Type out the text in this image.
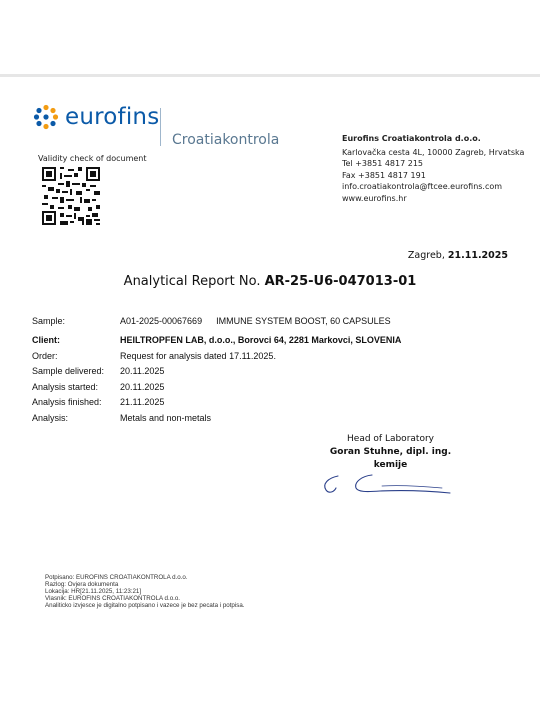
eurofins
Croatiakontrola
Validity check of document
Eurofins Croatiakontrola d.o.o.
Karlovačka cesta 4L, 10000 Zagreb, Hrvatska
Tel +3851 4817 215
Fax +3851 4817 191
info.croatiakontrola@ftcee.eurofins.com
www.eurofins.hr
Zagreb, 21.11.2025
Analytical Report No. AR-25-U6-047013-01
Sample:	A01-2025-00067669 IMMUNE SYSTEM BOOST, 60 CAPSULES
Client:	HEILTROPFEN LAB, d.o.o., Borovci 64, 2281 Markovci, SLOVENIA
Order:	Request for analysis dated 17.11.2025.
Sample delivered:	20.11.2025
Analysis started:	20.11.2025
Analysis finished:	21.11.2025
Analysis:	Metals and non-metals
Head of Laboratory
Goran Stuhne, dipl. ing. kemije
Potpisano: EUROFINS CROATIAKONTROLA d.o.o.
Razlog: Ovjera dokumenta
Lokacija: HR[21.11.2025, 11:23:21]
Vlasnik: EUROFINS CROATIAKONTROLA d.o.o.
Analiticko izvjesce je digitalno potpisano i vazece je bez pecata i potpisa.
